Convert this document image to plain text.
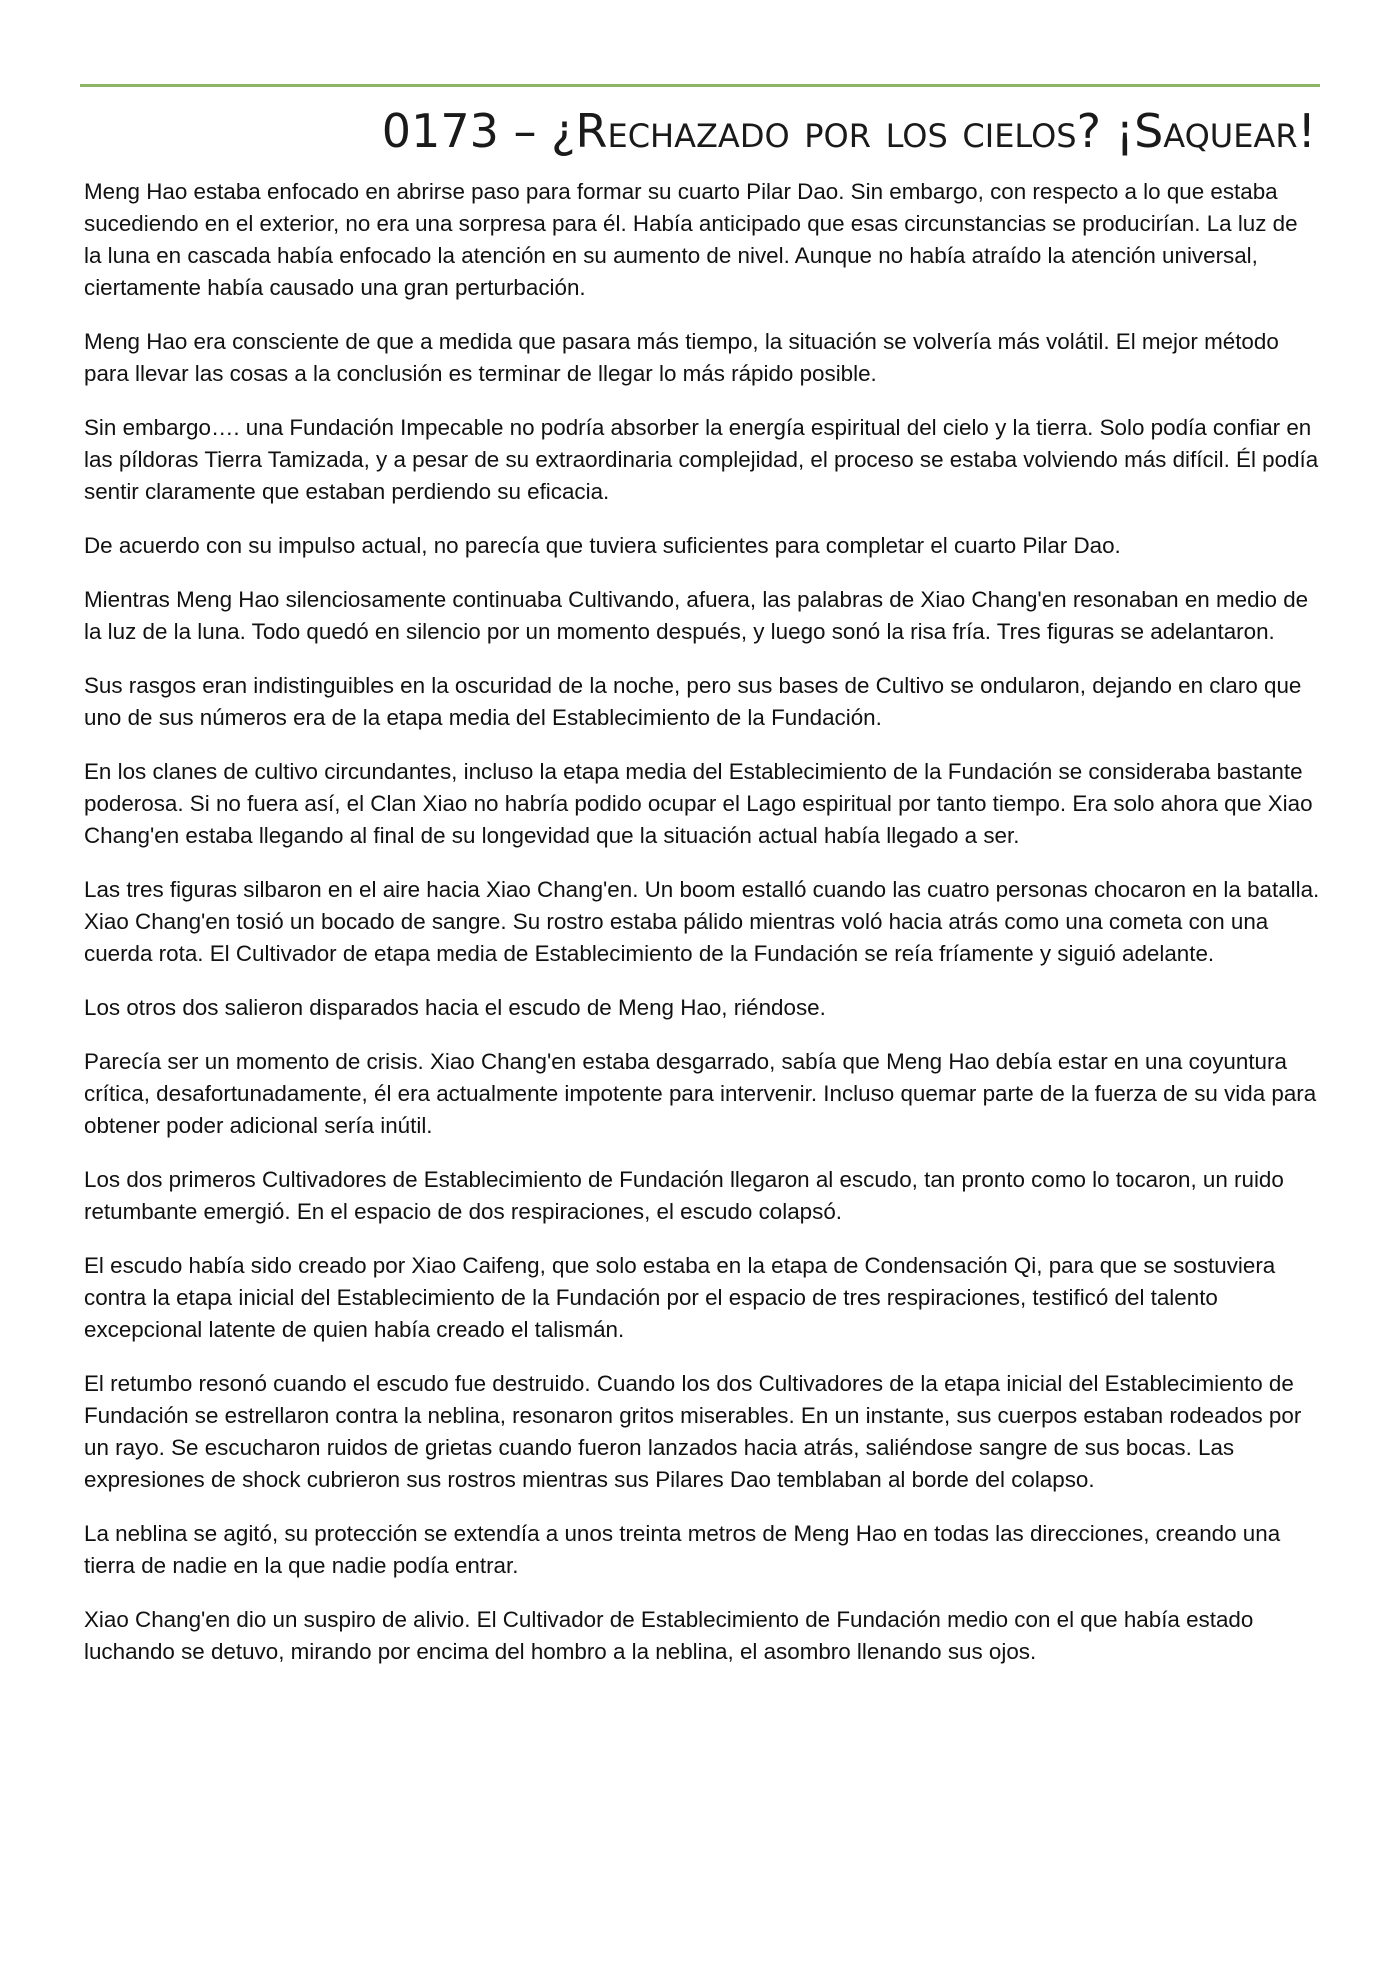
0173 – ¿Rechazado por los cielos? ¡Saquear!

Meng Hao estaba enfocado en abrirse paso para formar su cuarto Pilar Dao. Sin embargo, con respecto a lo que estaba sucediendo en el exterior, no era una sorpresa para él. Había anticipado que esas circunstancias se producirían. La luz de la luna en cascada había enfocado la atención en su aumento de nivel. Aunque no había atraído la atención universal, ciertamente había causado una gran perturbación.

Meng Hao era consciente de que a medida que pasara más tiempo, la situación se volvería más volátil. El mejor método para llevar las cosas a la conclusión es terminar de llegar lo más rápido posible.

Sin embargo…. una Fundación Impecable no podría absorber la energía espiritual del cielo y la tierra. Solo podía confiar en las píldoras Tierra Tamizada, y a pesar de su extraordinaria complejidad, el proceso se estaba volviendo más difícil. Él podía sentir claramente que estaban perdiendo su eficacia.

De acuerdo con su impulso actual, no parecía que tuviera suficientes para completar el cuarto Pilar Dao.

Mientras Meng Hao silenciosamente continuaba Cultivando, afuera, las palabras de Xiao Chang'en resonaban en medio de la luz de la luna. Todo quedó en silencio por un momento después, y luego sonó la risa fría. Tres figuras se adelantaron.

Sus rasgos eran indistinguibles en la oscuridad de la noche, pero sus bases de Cultivo se ondularon, dejando en claro que uno de sus números era de la etapa media del Establecimiento de la Fundación.

En los clanes de cultivo circundantes, incluso la etapa media del Establecimiento de la Fundación se consideraba bastante poderosa. Si no fuera así, el Clan Xiao no habría podido ocupar el Lago espiritual por tanto tiempo. Era solo ahora que Xiao Chang'en estaba llegando al final de su longevidad que la situación actual había llegado a ser.

Las tres figuras silbaron en el aire hacia Xiao Chang'en. Un boom estalló cuando las cuatro personas chocaron en la batalla. Xiao Chang'en tosió un bocado de sangre. Su rostro estaba pálido mientras voló hacia atrás como una cometa con una cuerda rota. El Cultivador de etapa media de Establecimiento de la Fundación se reía fríamente y siguió adelante.

Los otros dos salieron disparados hacia el escudo de Meng Hao, riéndose.

Parecía ser un momento de crisis. Xiao Chang'en estaba desgarrado, sabía que Meng Hao debía estar en una coyuntura crítica, desafortunadamente, él era actualmente impotente para intervenir. Incluso quemar parte de la fuerza de su vida para obtener poder adicional sería inútil.

Los dos primeros Cultivadores de Establecimiento de Fundación llegaron al escudo, tan pronto como lo tocaron, un ruido retumbante emergió. En el espacio de dos respiraciones, el escudo colapsó.

El escudo había sido creado por Xiao Caifeng, que solo estaba en la etapa de Condensación Qi, para que se sostuviera contra la etapa inicial del Establecimiento de la Fundación por el espacio de tres respiraciones, testificó del talento excepcional latente de quien había creado el talismán.

El retumbo resonó cuando el escudo fue destruido. Cuando los dos Cultivadores de la etapa inicial del Establecimiento de Fundación se estrellaron contra la neblina, resonaron gritos miserables. En un instante, sus cuerpos estaban rodeados por un rayo. Se escucharon ruidos de grietas cuando fueron lanzados hacia atrás, saliéndose sangre de sus bocas. Las expresiones de shock cubrieron sus rostros mientras sus Pilares Dao temblaban al borde del colapso.

La neblina se agitó, su protección se extendía a unos treinta metros de Meng Hao en todas las direcciones, creando una tierra de nadie en la que nadie podía entrar.

Xiao Chang'en dio un suspiro de alivio. El Cultivador de Establecimiento de Fundación medio con el que había estado luchando se detuvo, mirando por encima del hombro a la neblina, el asombro llenando sus ojos.
